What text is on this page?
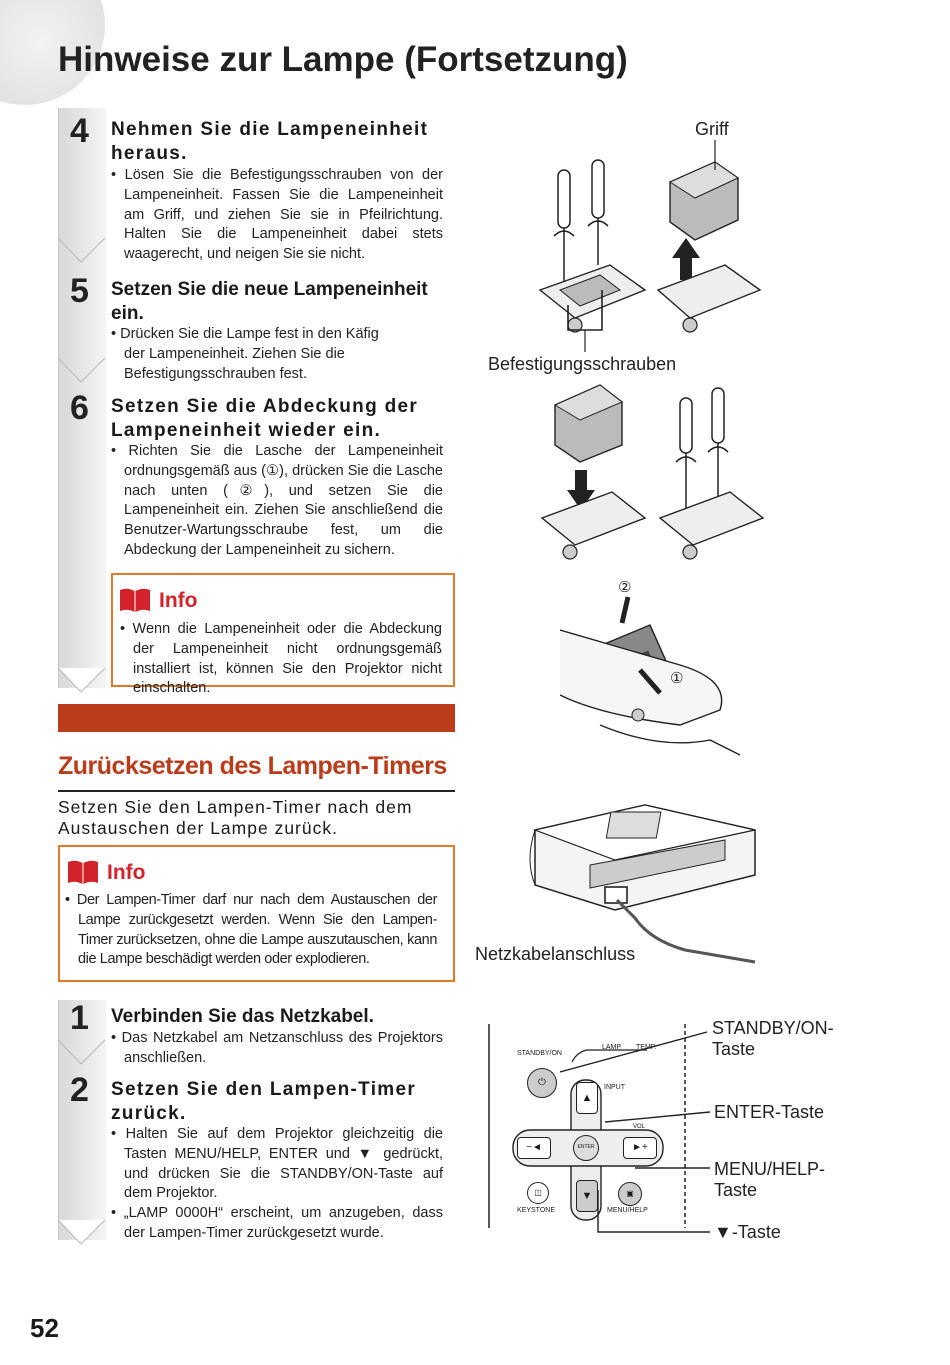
Hinweise zur Lampe (Fortsetzung)
4 Nehmen Sie die Lampeneinheit heraus.
• Lösen Sie die Befestigungsschrauben von der Lampeneinheit. Fassen Sie die Lampeneinheit am Griff, und ziehen Sie sie in Pfeilrichtung. Halten Sie die Lampeneinheit dabei stets waagerecht, und neigen Sie sie nicht.
5 Setzen Sie die neue Lampeneinheit ein.
• Drücken Sie die Lampe fest in den Käfig der Lampeneinheit. Ziehen Sie die Befestigungsschrauben fest.
6 Setzen Sie die Abdeckung der Lampeneinheit wieder ein.
• Richten Sie die Lasche der Lampeneinheit ordnungsgemäß aus (①), drücken Sie die Lasche nach unten (②), und setzen Sie die Lampeneinheit ein. Ziehen Sie anschließend die Benutzer-Wartungsschraube fest, um die Abdeckung der Lampeneinheit zu sichern.
Info
• Wenn die Lampeneinheit oder die Abdeckung der Lampeneinheit nicht ordnungsgemäß installiert ist, können Sie den Projektor nicht einschalten.
Zurücksetzen des Lampen-Timers
Setzen Sie den Lampen-Timer nach dem Austauschen der Lampe zurück.
Info
• Der Lampen-Timer darf nur nach dem Austauschen der Lampe zurückgesetzt werden. Wenn Sie den Lampen-Timer zurücksetzen, ohne die Lampe auszutauschen, kann die Lampe beschädigt werden oder explodieren.
1 Verbinden Sie das Netzkabel.
• Das Netzkabel am Netzanschluss des Projektors anschließen.
2 Setzen Sie den Lampen-Timer zurück.
• Halten Sie auf dem Projektor gleichzeitig die Tasten MENU/HELP, ENTER und ▼ gedrückt, und drücken Sie die STANDBY/ON-Taste auf dem Projektor.
• „LAMP 0000H“ erscheint, um anzugeben, dass der Lampen-Timer zurückgesetzt wurde.
52
Griff
Befestigungsschrauben
Netzkabelanschluss
STANDBY/ON-
Taste
ENTER-Taste
MENU/HELP-
Taste
▼-Taste
②
①
STANDBY/ON
⏻
LAMP TEMP.
INPUT
VOL
▲
−◄	►+
ENTER
▼
◫
KEYSTONE
▣
MENU/HELP
